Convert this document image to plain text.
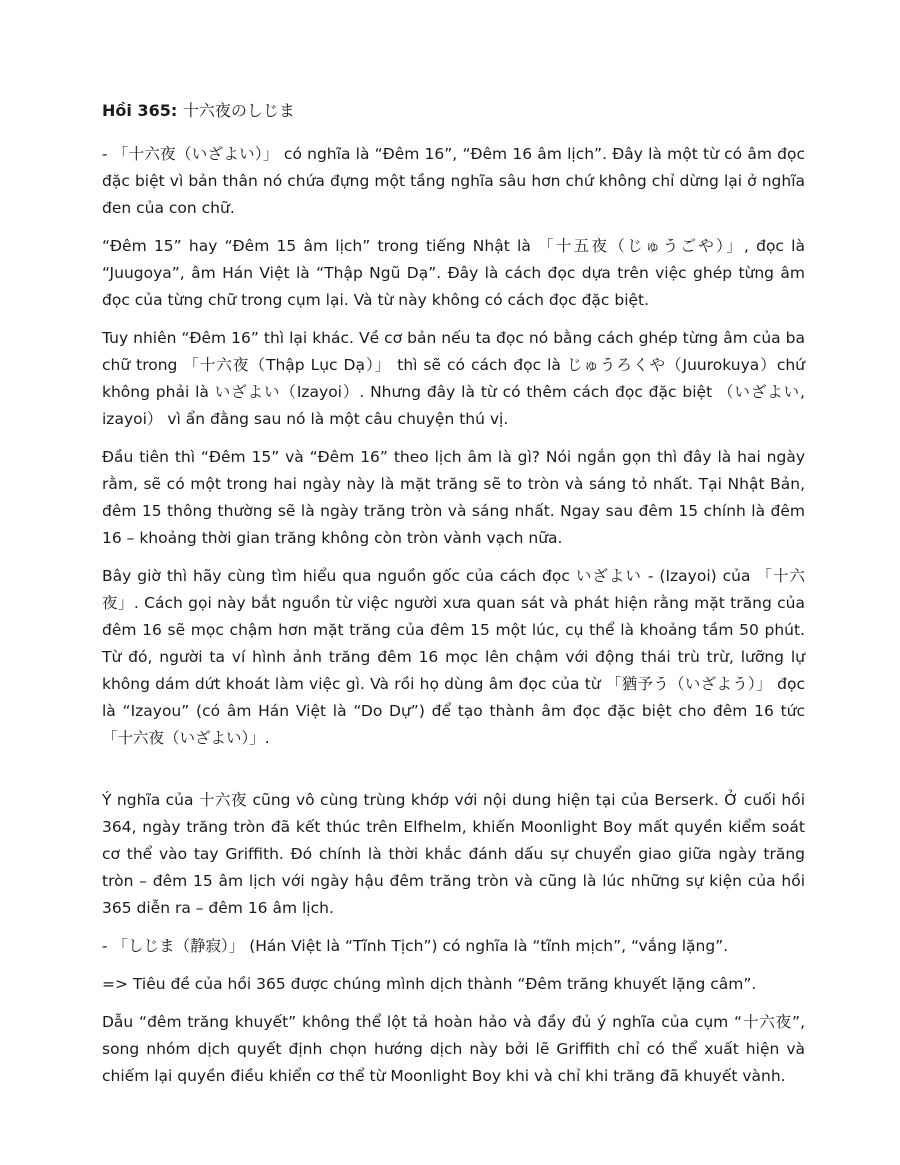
Hồi 365: 十六夜のしじま

- 「十六夜（いざよい）」 có nghĩa là “Đêm 16”, “Đêm 16 âm lịch”. Đây là một từ có âm đọc đặc biệt vì bản thân nó chứa đựng một tầng nghĩa sâu hơn chứ không chỉ dừng lại ở nghĩa đen của con chữ.

“Đêm 15” hay “Đêm 15 âm lịch” trong tiếng Nhật là 「十五夜（じゅうごや）」, đọc là “Juugoya”, âm Hán Việt là “Thập Ngũ Dạ”. Đây là cách đọc dựa trên việc ghép từng âm đọc của từng chữ trong cụm lại. Và từ này không có cách đọc đặc biệt.

Tuy nhiên “Đêm 16” thì lại khác. Về cơ bản nếu ta đọc nó bằng cách ghép từng âm của ba chữ trong 「十六夜（Thập Lục Dạ）」 thì sẽ có cách đọc là じゅうろくや（Juurokuya）chứ không phải là いざよい（Izayoi）. Nhưng đây là từ có thêm cách đọc đặc biệt （いざよい, izayoi） vì ẩn đằng sau nó là một câu chuyện thú vị.

Đầu tiên thì “Đêm 15” và “Đêm 16” theo lịch âm là gì? Nói ngắn gọn thì đây là hai ngày rằm, sẽ có một trong hai ngày này là mặt trăng sẽ to tròn và sáng tỏ nhất. Tại Nhật Bản, đêm 15 thông thường sẽ là ngày trăng tròn và sáng nhất. Ngay sau đêm 15 chính là đêm 16 – khoảng thời gian trăng không còn tròn vành vạch nữa.

Bây giờ thì hãy cùng tìm hiểu qua nguồn gốc của cách đọc いざよい - (Izayoi) của 「十六夜」. Cách gọi này bắt nguồn từ việc người xưa quan sát và phát hiện rằng mặt trăng của đêm 16 sẽ mọc chậm hơn mặt trăng của đêm 15 một lúc, cụ thể là khoảng tầm 50 phút. Từ đó, người ta ví hình ảnh trăng đêm 16 mọc lên chậm với động thái trù trừ, lưỡng lự không dám dứt khoát làm việc gì. Và rồi họ dùng âm đọc của từ 「猶予う（いざよう）」 đọc là “Izayou” (có âm Hán Việt là “Do Dự”) để tạo thành âm đọc đặc biệt cho đêm 16 tức 「十六夜（いざよい）」.

Ý nghĩa của 十六夜 cũng vô cùng trùng khớp với nội dung hiện tại của Berserk. Ở cuối hồi 364, ngày trăng tròn đã kết thúc trên Elfhelm, khiến Moonlight Boy mất quyền kiểm soát cơ thể vào tay Griffith. Đó chính là thời khắc đánh dấu sự chuyển giao giữa ngày trăng tròn – đêm 15 âm lịch với ngày hậu đêm trăng tròn và cũng là lúc những sự kiện của hồi 365 diễn ra – đêm 16 âm lịch.

- 「しじま（静寂）」 (Hán Việt là “Tĩnh Tịch”) có nghĩa là “tĩnh mịch”, “vắng lặng”.

=> Tiêu đề của hồi 365 được chúng mình dịch thành “Đêm trăng khuyết lặng câm”.

Dẫu “đêm trăng khuyết” không thể lột tả hoàn hảo và đầy đủ ý nghĩa của cụm “十六夜”, song nhóm dịch quyết định chọn hướng dịch này bởi lẽ Griffith chỉ có thể xuất hiện và chiếm lại quyền điều khiển cơ thể từ Moonlight Boy khi và chỉ khi trăng đã khuyết vành.
